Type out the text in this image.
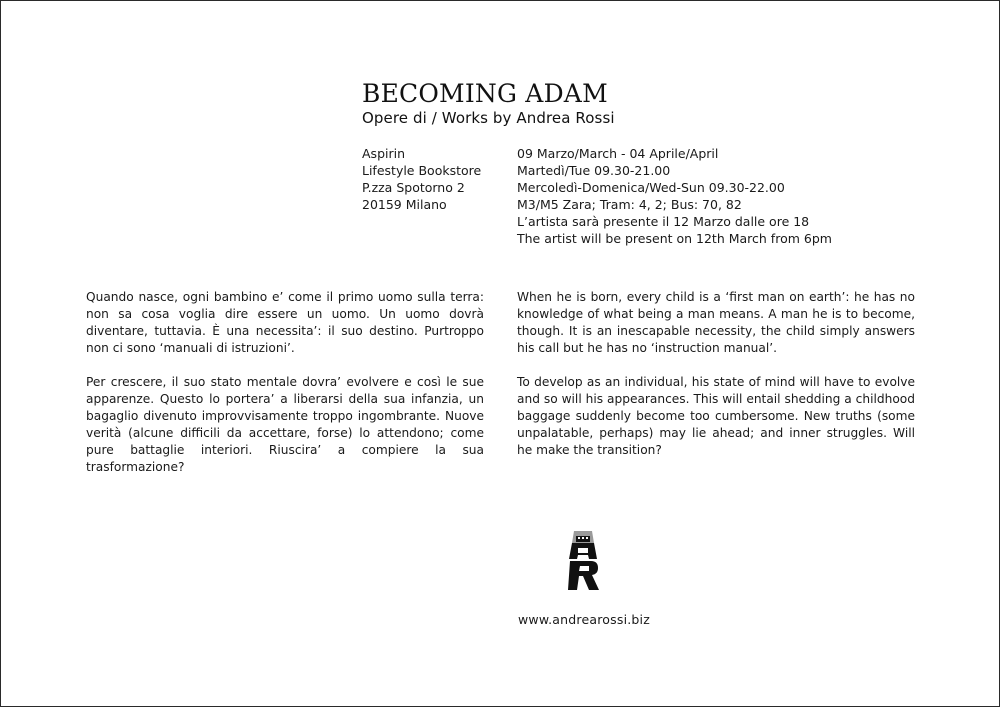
BECOMING ADAM
Opere di / Works by Andrea Rossi
Aspirin
Lifestyle Bookstore
P.zza Spotorno 2
20159 Milano
09 Marzo/March - 04 Aprile/April
Martedì/Tue 09.30-21.00
Mercoledì-Domenica/Wed-Sun 09.30-22.00
M3/M5 Zara; Tram: 4, 2; Bus: 70, 82
L’artista sarà presente il 12 Marzo dalle ore 18
The artist will be present on 12th March from 6pm

Quando nasce, ogni bambino e’ come il primo uomo sulla terra: non sa cosa voglia dire essere un uomo. Un uomo dovrà diventare, tuttavia. È una necessita’: il suo destino. Purtroppo non ci sono ‘manuali di istruzioni’.

Per crescere, il suo stato mentale dovra’ evolvere e così le sue apparenze. Questo lo portera’ a liberarsi della sua infanzia, un bagaglio divenuto improvvisamente troppo ingombrante. Nuove verità (alcune difficili da accettare, forse) lo attendono; come pure battaglie interiori. Riuscira’ a compiere la sua trasformazione?

When he is born, every child is a ‘first man on earth’: he has no knowledge of what being a man means. A man he is to become, though. It is an inescapable necessity, the child simply answers his call but he has no ‘instruction manual’.

To develop as an individual, his state of mind will have to evolve and so will his appearances. This will entail shedding a childhood baggage suddenly become too cumbersome. New truths (some unpalatable, perhaps) may lie ahead; and inner struggles. Will he make the transition?

www.andrearossi.biz
